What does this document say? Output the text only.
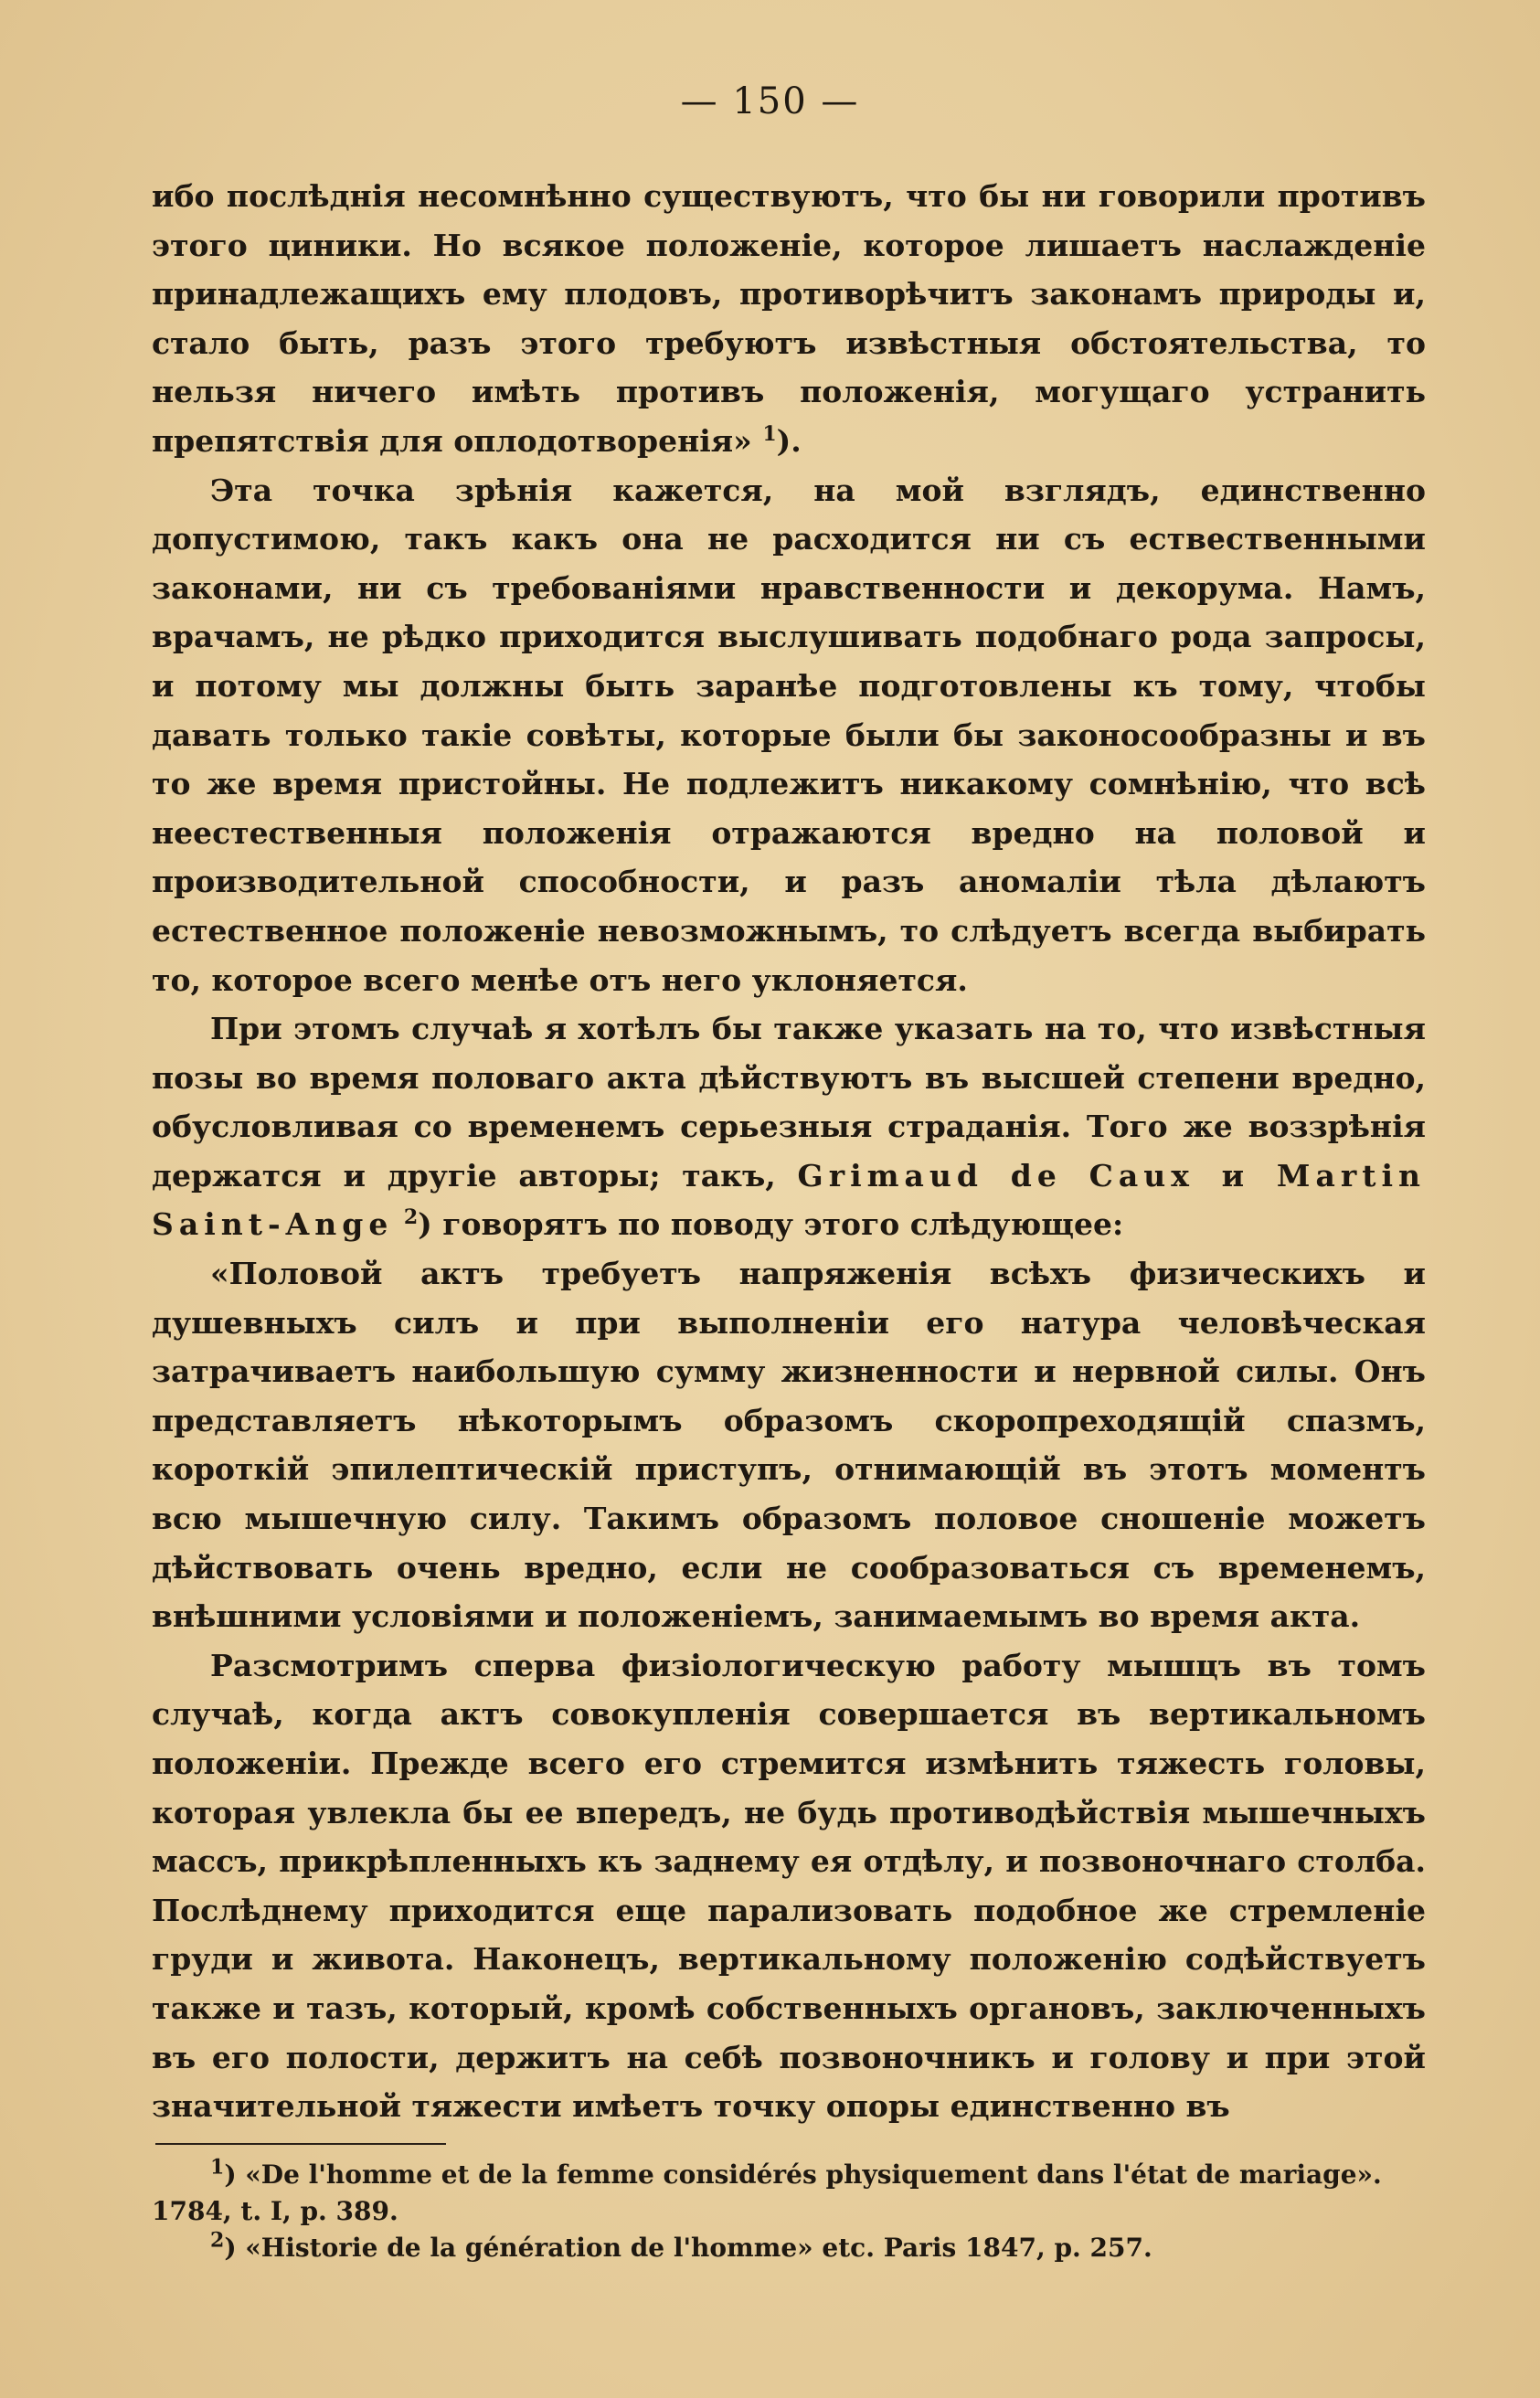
— 150 —

ибо послѣднія несомнѣнно существуютъ, что бы ни говорили противъ этого циники. Но всякое положеніе, которое лишаетъ наслажденіе принадлежащихъ ему плодовъ, противорѣчитъ законамъ природы и, стало быть, разъ этого требуютъ извѣстныя обстоятельства, то нельзя ничего имѣть противъ положенія, могущаго устранить препятствія для оплодотворенія» $^1$).

Эта точка зрѣнія кажется, на мой взглядъ, единственно допустимою, такъ какъ она не расходится ни съ ествественными законами, ни съ требованіями нравственности и декорума. Намъ, врачамъ, не рѣдко приходится выслушивать подобнаго рода запросы, и потому мы должны быть заранѣе подготовлены къ тому, чтобы давать только такіе совѣты, которые были бы законосообразны и въ то же время пристойны. Не подлежитъ никакому сомнѣнію, что всѣ неестественныя положенія отражаются вредно на половой и производительной способности, и разъ аномаліи тѣла дѣлаютъ естественное положеніе невозможнымъ, то слѣдуетъ всегда выбирать то, которое всего менѣе отъ него уклоняется.

При этомъ случаѣ я хотѣлъ бы также указать на то, что извѣстныя позы во время половаго акта дѣйствуютъ въ высшей степени вредно, обусловливая со временемъ серьезныя страданія. Того же воззрѣнія держатся и другіе авторы; такъ, Grimaud de Caux и Martin Saint-Ange $^2$) говорятъ по поводу этого слѣдующее:

«Половой актъ требуетъ напряженія всѣхъ физическихъ и душевныхъ силъ и при выполненіи его натура человѣческая затрачиваетъ наибольшую сумму жизненности и нервной силы. Онъ представляетъ нѣкоторымъ образомъ скоропреходящій спазмъ, короткій эпилептическій приступъ, отнимающій въ этотъ моментъ всю мышечную силу. Такимъ образомъ половое сношеніе можетъ дѣйствовать очень вредно, если не сообразоваться съ временемъ, внѣшними условіями и положеніемъ, занимаемымъ во время акта.

Разсмотримъ сперва физіологическую работу мышцъ въ томъ случаѣ, когда актъ совокупленія совершается въ вертикальномъ положеніи. Прежде всего его стремится измѣнить тяжесть головы, которая увлекла бы ее впередъ, не будь противодѣйствія мышечныхъ массъ, прикрѣпленныхъ къ заднему ея отдѣлу, и позвоночнаго столба. Послѣднему приходится еще парализовать подобное же стремленіе груди и живота. Наконецъ, вертикальному положенію содѣйствуетъ также и тазъ, который, кромѣ собственныхъ органовъ, заключенныхъ въ его полости, держитъ на себѣ позвоночникъ и голову и при этой значительной тяжести имѣетъ точку опоры единственно въ

$^1$) «De l'homme et de la femme considérés physiquement dans l'état de mariage».
1784, t. I, p. 389.
$^2$) «Historie de la génération de l'homme» etc. Paris 1847, p. 257.
